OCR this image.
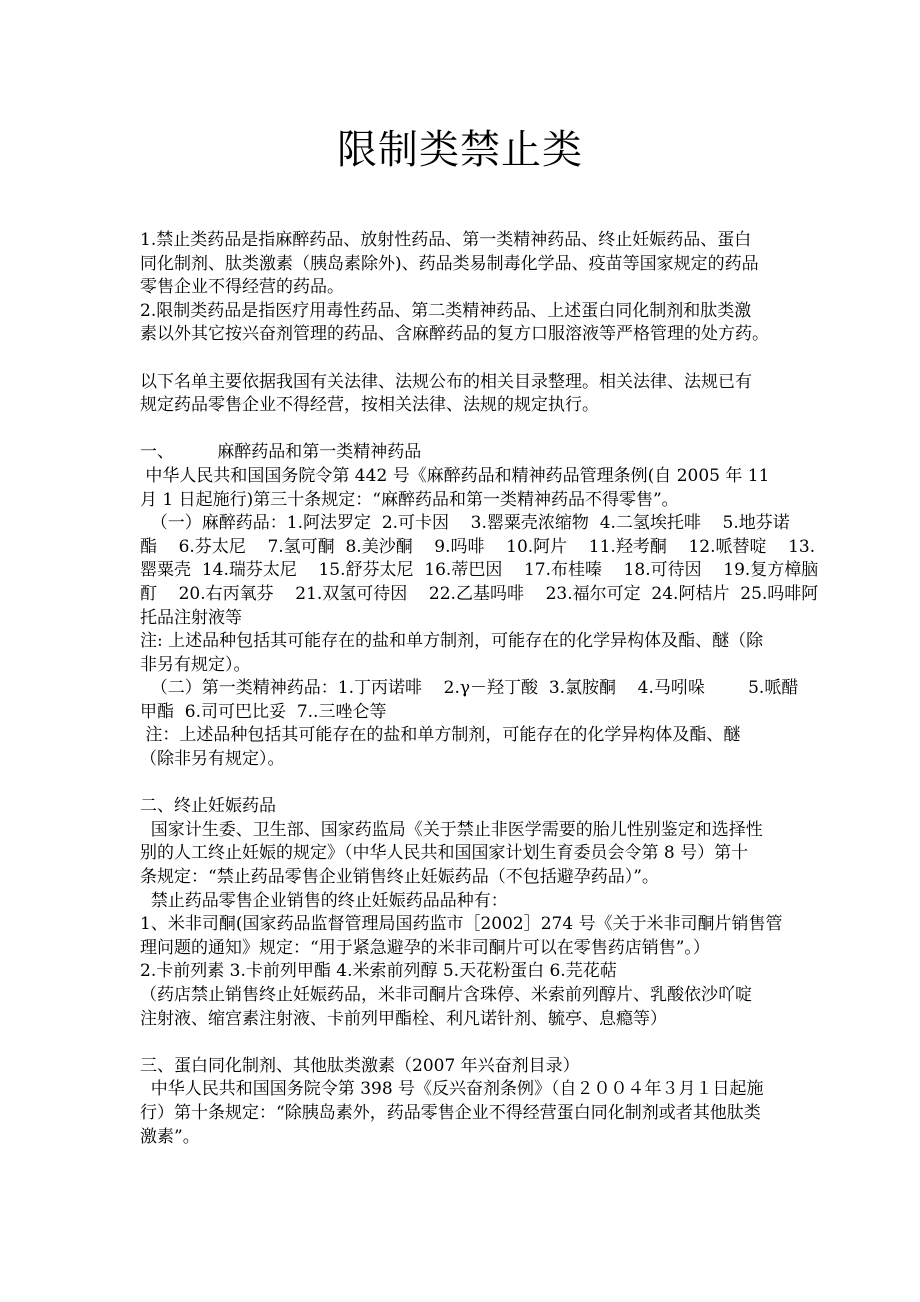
限制类禁止类
1.禁止类药品是指麻醉药品、放射性药品、第一类精神药品、终止妊娠药品、蛋白
同化制剂、肽类激素（胰岛素除外)、药品类易制毒化学品、疫苗等国家规定的药品
零售企业不得经营的药品。
2.限制类药品是指医疗用毒性药品、第二类精神药品、上述蛋白同化制剂和肽类激
素以外其它按兴奋剂管理的药品、含麻醉药品的复方口服溶液等严格管理的处方药。
以下名单主要依据我国有关法律、法规公布的相关目录整理。相关法律、法规已有
规定药品零售企业不得经营，按相关法律、法规的规定执行。
一、        麻醉药品和第一类精神药品
中华人民共和国国务院令第 442 号《麻醉药品和精神药品管理条例(自 2005 年 11
月 1 日起施行)第三十条规定：“麻醉药品和第一类精神药品不得零售”。
（一）麻醉药品：1.阿法罗定  2.可卡因    3.罂粟壳浓缩物  4.二氢埃托啡    5.地芬诺
酯    6.芬太尼    7.氢可酮  8.美沙酮    9.吗啡    10.阿片    11.羟考酮    12.哌替啶    13.
罂粟壳  14.瑞芬太尼    15.舒芬太尼  16.蒂巴因    17.布桂嗪    18.可待因    19.复方樟脑
酊    20.右丙氧芬    21.双氢可待因    22.乙基吗啡    23.福尔可定  24.阿桔片  25.吗啡阿
托品注射液等
注: 上述品种包括其可能存在的盐和单方制剂，可能存在的化学异构体及酯、醚（除
非另有规定）。
（二）第一类精神药品：1.丁丙诺啡    2.γ－羟丁酸  3.氯胺酮    4.马吲哚        5.哌醋
甲酯  6.司可巴比妥  7..三唑仑等
注：上述品种包括其可能存在的盐和单方制剂，可能存在的化学异构体及酯、醚
（除非另有规定）。
二、终止妊娠药品
国家计生委、卫生部、国家药监局《关于禁止非医学需要的胎儿性别鉴定和选择性
别的人工终止妊娠的规定》（中华人民共和国国家计划生育委员会令第 8 号）第十
条规定：“禁止药品零售企业销售终止妊娠药品（不包括避孕药品）”。
禁止药品零售企业销售的终止妊娠药品品种有：
1、米非司酮(国家药品监督管理局国药监市［2002］274 号《关于米非司酮片销售管
理问题的通知》规定：“用于紧急避孕的米非司酮片可以在零售药店销售”。）
2.卡前列素 3.卡前列甲酯 4.米索前列醇 5.天花粉蛋白 6.芫花萜
（药店禁止销售终止妊娠药品，米非司酮片含珠停、米索前列醇片、乳酸依沙吖啶
注射液、缩宫素注射液、卡前列甲酯栓、利凡诺针剂、毓亭、息瘾等）
三、蛋白同化制剂、其他肽类激素（2007 年兴奋剂目录）
中华人民共和国国务院令第 398 号《反兴奋剂条例》（自２００４年３月１日起施
行）第十条规定：“除胰岛素外，药品零售企业不得经营蛋白同化制剂或者其他肽类
激素”。
